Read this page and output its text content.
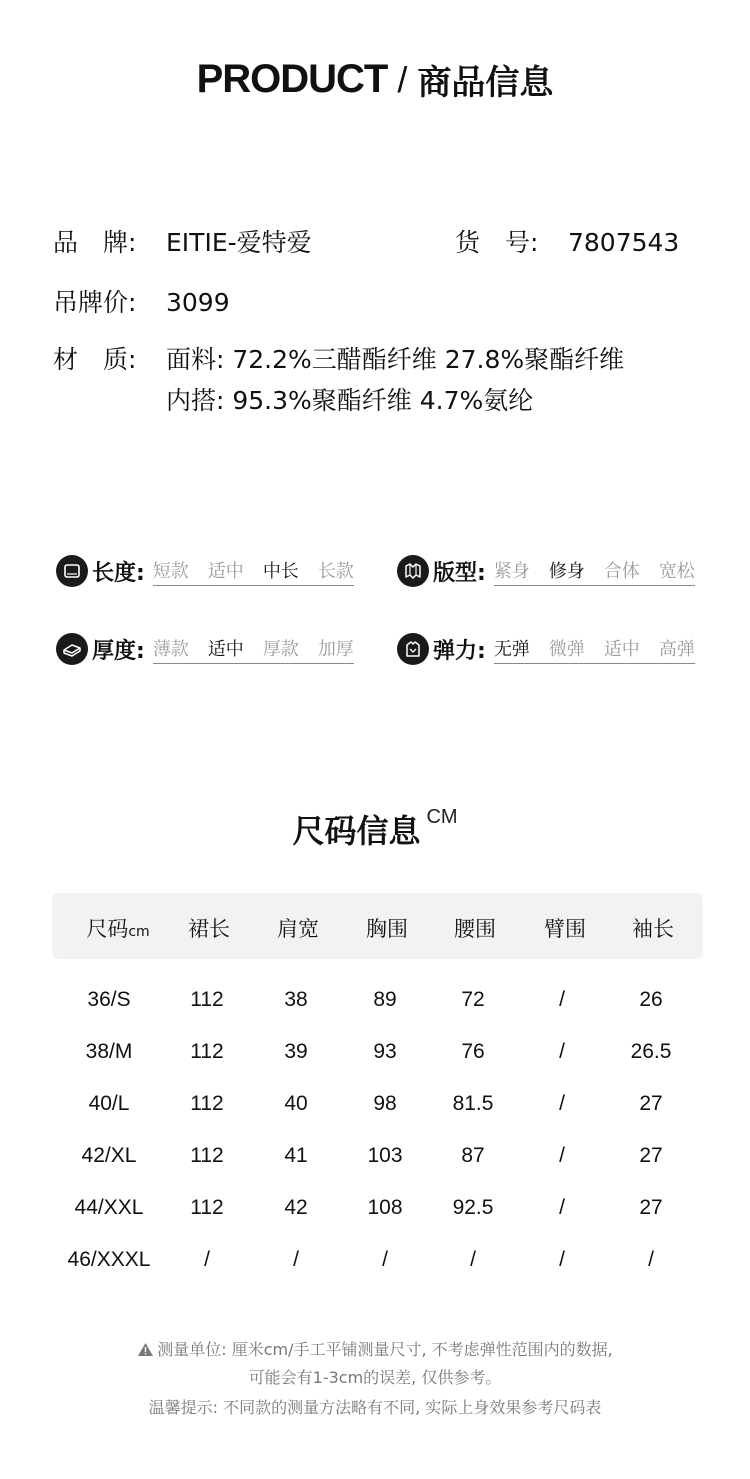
PRODUCT / 商品信息
品　牌: EITIE-爱特爱	货　号: 7807543
吊牌价: 3099
材　质: 面料: 72.2%三醋酯纤维 27.8%聚酯纤维
内搭: 95.3%聚酯纤维 4.7%氨纶
长度: 短款 适中 中长 长款	版型: 紧身 修身 合体 宽松
厚度: 薄款 适中 厚款 加厚	弹力: 无弹 微弹 适中 高弹
尺码信息 CM
尺码cm	裙长	肩宽	胸围	腰围	臂围	袖长
36/S	112	38	89	72	/	26
38/M	112	39	93	76	/	26.5
40/L	112	40	98	81.5	/	27
42/XL	112	41	103	87	/	27
44/XXL	112	42	108	92.5	/	27
46/XXXL	/	/	/	/	/	/
测量单位: 厘米cm/手工平铺测量尺寸, 不考虑弹性范围内的数据,
可能会有1-3cm的误差, 仅供参考。
温馨提示: 不同款的测量方法略有不同, 实际上身效果参考尺码表
